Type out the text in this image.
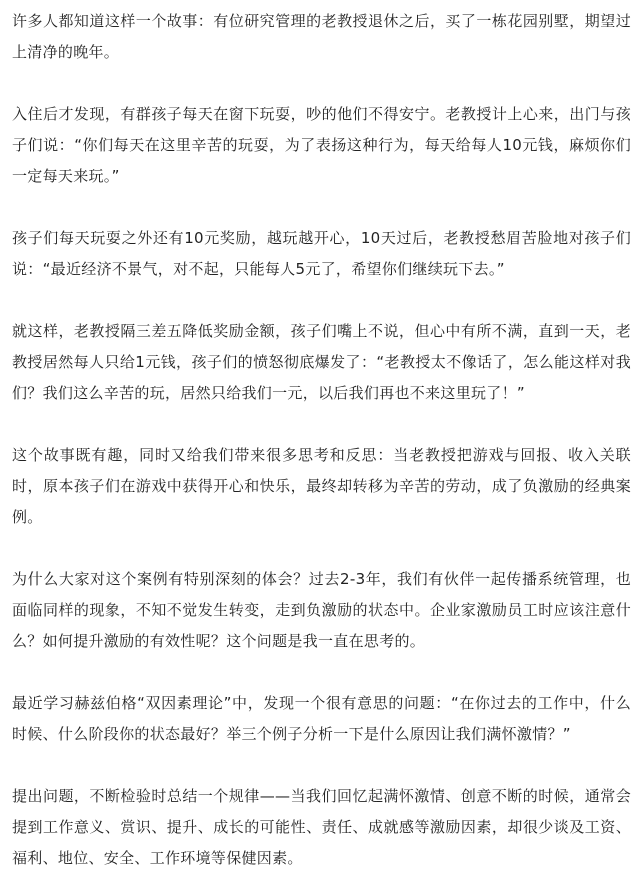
许多人都知道这样一个故事：有位研究管理的老教授退休之后，买了一栋花园别墅，期望过上清净的晚年。

入住后才发现，有群孩子每天在窗下玩耍，吵的他们不得安宁。老教授计上心来，出门与孩子们说：“你们每天在这里辛苦的玩耍，为了表扬这种行为，每天给每人10元钱，麻烦你们一定每天来玩。”

孩子们每天玩耍之外还有10元奖励，越玩越开心，10天过后，老教授愁眉苦脸地对孩子们说：“最近经济不景气，对不起，只能每人5元了，希望你们继续玩下去。”

就这样，老教授隔三差五降低奖励金额，孩子们嘴上不说，但心中有所不满，直到一天，老教授居然每人只给1元钱，孩子们的愤怒彻底爆发了：“老教授太不像话了，怎么能这样对我们？我们这么辛苦的玩，居然只给我们一元，以后我们再也不来这里玩了！”

这个故事既有趣，同时又给我们带来很多思考和反思：当老教授把游戏与回报、收入关联时，原本孩子们在游戏中获得开心和快乐，最终却转移为辛苦的劳动，成了负激励的经典案例。

为什么大家对这个案例有特别深刻的体会？过去2-3年，我们有伙伴一起传播系统管理，也面临同样的现象，不知不觉发生转变，走到负激励的状态中。企业家激励员工时应该注意什么？如何提升激励的有效性呢？这个问题是我一直在思考的。

最近学习赫兹伯格“双因素理论”中，发现一个很有意思的问题：“在你过去的工作中，什么时候、什么阶段你的状态最好？举三个例子分析一下是什么原因让我们满怀激情？”

提出问题，不断检验时总结一个规律——当我们回忆起满怀激情、创意不断的时候，通常会提到工作意义、赏识、提升、成长的可能性、责任、成就感等激励因素，却很少谈及工资、福利、地位、安全、工作环境等保健因素。
